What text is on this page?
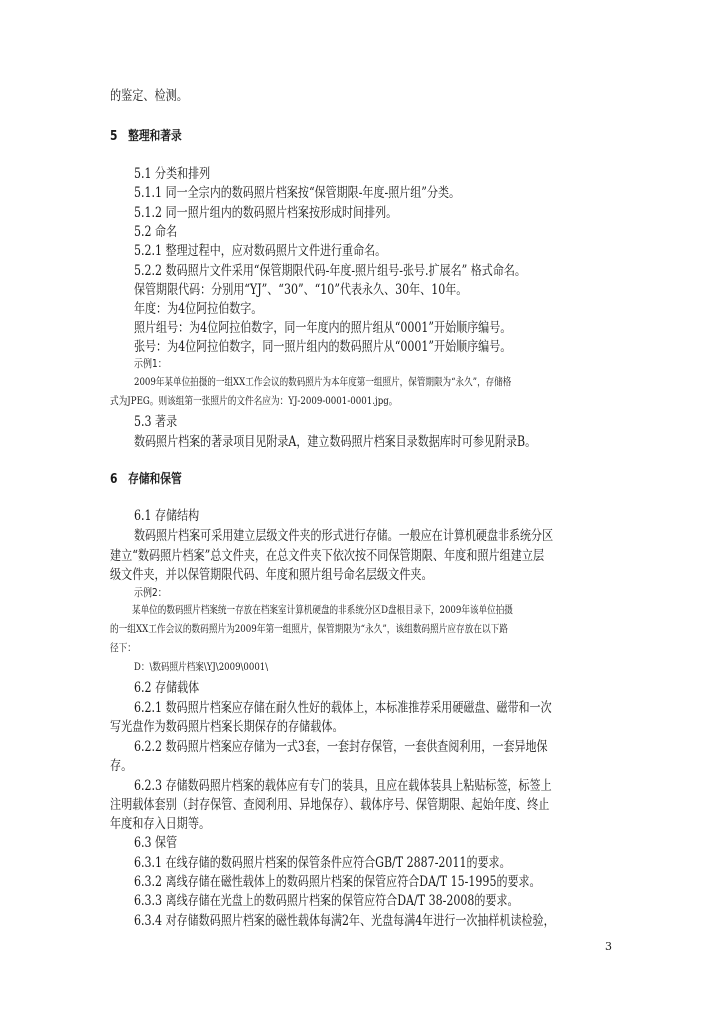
的鉴定、检测。
5 整理和著录
5.1 分类和排列
5.1.1 同一全宗内的数码照片档案按“保管期限-年度-照片组”分类。
5.1.2 同一照片组内的数码照片档案按形成时间排列。
5.2 命名
5.2.1 整理过程中，应对数码照片文件进行重命名。
5.2.2 数码照片文件采用“保管期限代码-年度-照片组号-张号.扩展名” 格式命名。
保管期限代码：分别用“YJ”、“30”、“10”代表永久、30年、10年。
年度：为4位阿拉伯数字。
照片组号：为4位阿拉伯数字，同一年度内的照片组从“0001”开始顺序编号。
张号：为4位阿拉伯数字，同一照片组内的数码照片从“0001”开始顺序编号。
示例1：
2009年某单位拍摄的一组XX工作会议的数码照片为本年度第一组照片，保管期限为“永久”，存储格
式为JPEG。则该组第一张照片的文件名应为：YJ-2009-0001-0001.jpg。
5.3 著录
数码照片档案的著录项目见附录A，建立数码照片档案目录数据库时可参见附录B。
6 存储和保管
6.1 存储结构
数码照片档案可采用建立层级文件夹的形式进行存储。一般应在计算机硬盘非系统分区
建立“数码照片档案”总文件夹，在总文件夹下依次按不同保管期限、年度和照片组建立层
级文件夹，并以保管期限代码、年度和照片组号命名层级文件夹。
示例2：
某单位的数码照片档案统一存放在档案室计算机硬盘的非系统分区D盘根目录下，2009年该单位拍摄
的一组XX工作会议的数码照片为2009年第一组照片，保管期限为“永久”，该组数码照片应存放在以下路
径下：
D：\数码照片档案\YJ\2009\0001\
6.2 存储载体
6.2.1 数码照片档案应存储在耐久性好的载体上，本标准推荐采用硬磁盘、磁带和一次
写光盘作为数码照片档案长期保存的存储载体。
6.2.2 数码照片档案应存储为一式3套，一套封存保管，一套供查阅利用，一套异地保
存。
6.2.3 存储数码照片档案的载体应有专门的装具，且应在载体装具上粘贴标签，标签上
注明载体套别（封存保管、查阅利用、异地保存）、载体序号、保管期限、起始年度、终止
年度和存入日期等。
6.3 保管
6.3.1 在线存储的数码照片档案的保管条件应符合GB/T 2887-2011的要求。
6.3.2 离线存储在磁性载体上的数码照片档案的保管应符合DA/T 15-1995的要求。
6.3.3 离线存储在光盘上的数码照片档案的保管应符合DA/T 38-2008的要求。
6.3.4 对存储数码照片档案的磁性载体每满2年、光盘每满4年进行一次抽样机读检验，
3
